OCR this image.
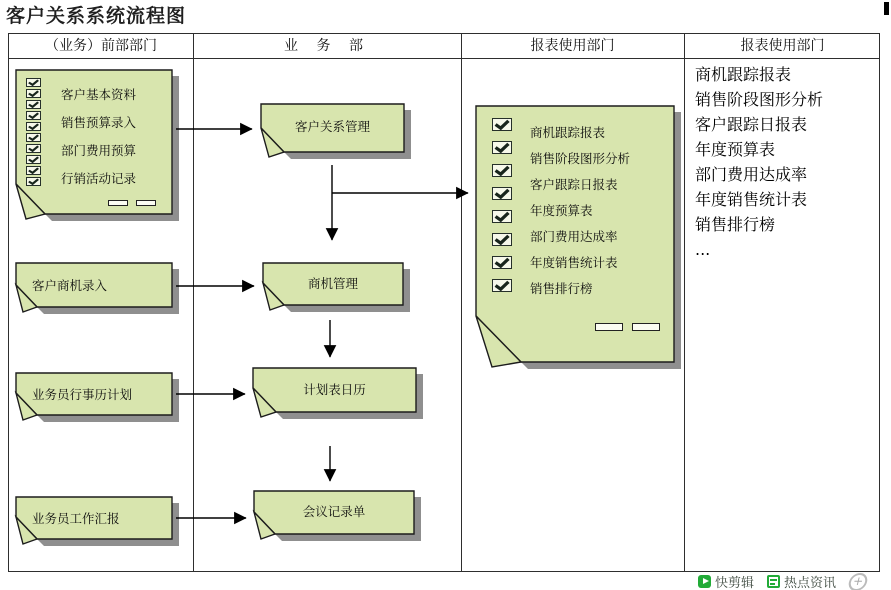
客户关系系统流程图
（业务）前部部门	业 务 部	报表使用部门	报表使用部门
客户基本资料
销售预算录入
部门费用预算
行销活动记录
客户商机录入
业务员行事历计划
业务员工作汇报
客户关系管理
商机管理
计划表日历
会议记录单
商机跟踪报表
销售阶段图形分析
客户跟踪日报表
年度预算表
部门费用达成率
年度销售统计表
销售排行榜
商机跟踪报表
销售阶段图形分析
客户跟踪日报表
年度预算表
部门费用达成率
年度销售统计表
销售排行榜
...
快剪辑 热点资讯	+
